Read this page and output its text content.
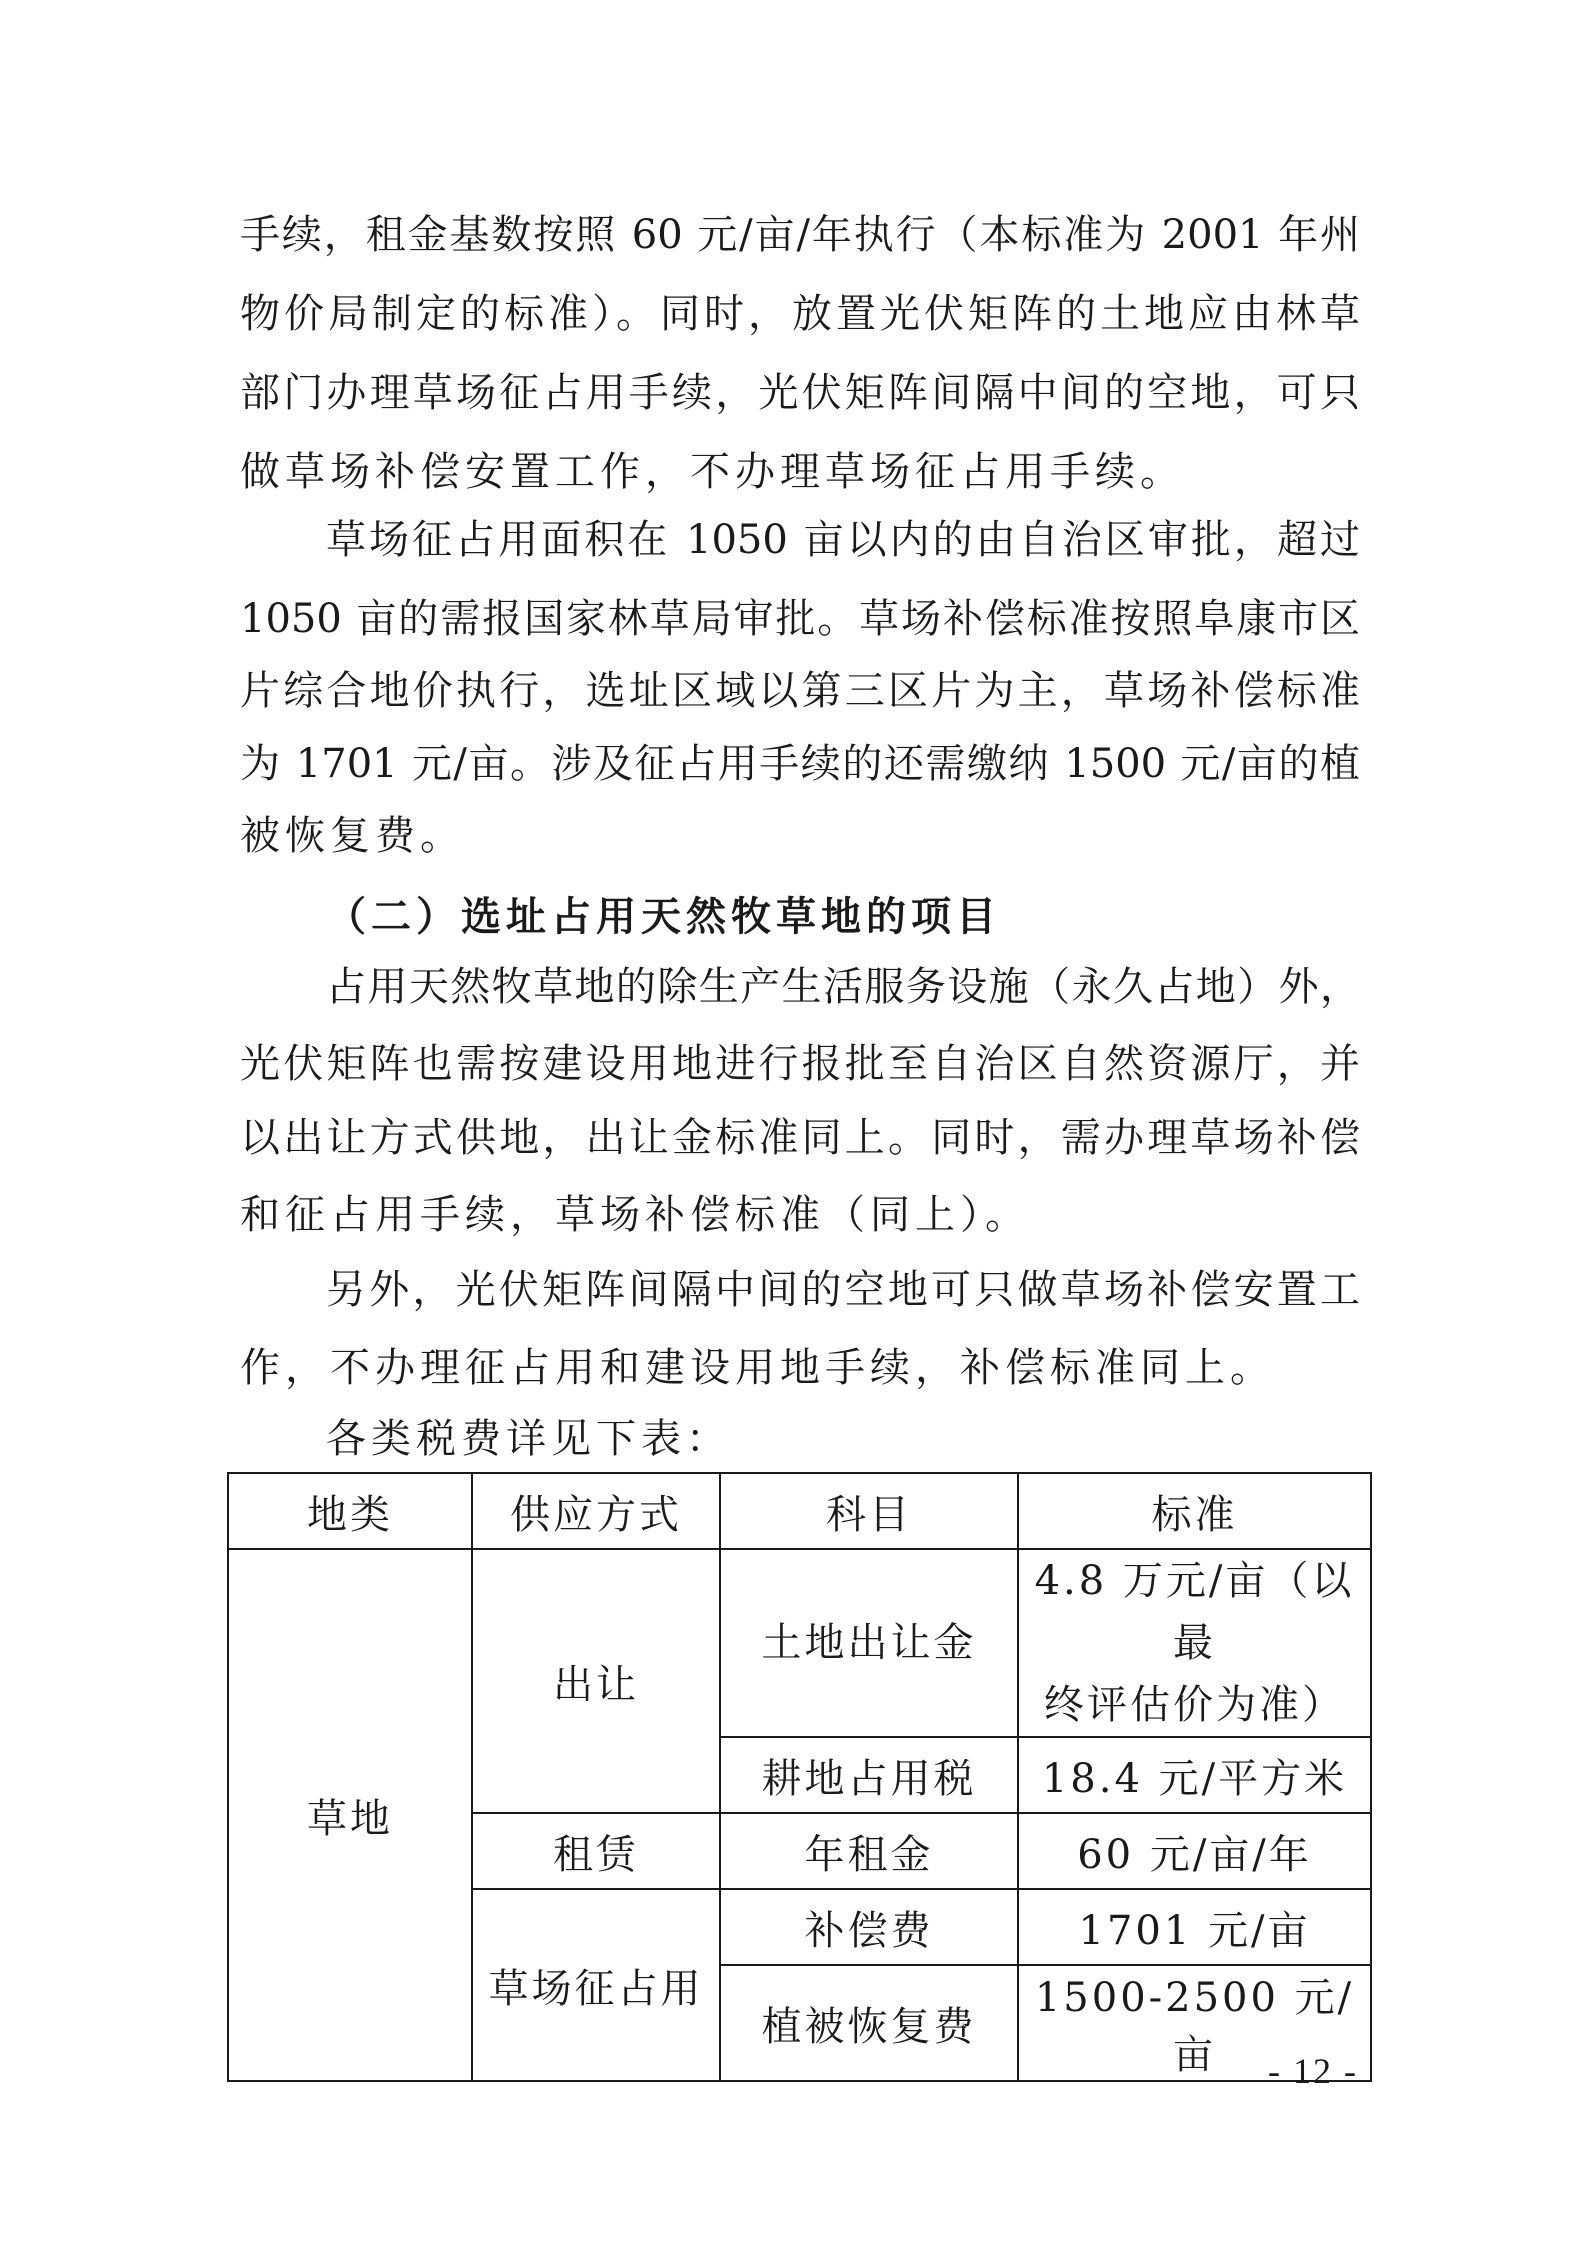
手续，租金基数按照 60 元/亩/年执行（本标准为 2001 年州
物价局制定的标准）。同时，放置光伏矩阵的土地应由林草
部门办理草场征占用手续，光伏矩阵间隔中间的空地，可只
做草场补偿安置工作，不办理草场征占用手续。
草场征占用面积在 1050 亩以内的由自治区审批，超过
1050 亩的需报国家林草局审批。草场补偿标准按照阜康市区
片综合地价执行，选址区域以第三区片为主，草场补偿标准
为 1701 元/亩。涉及征占用手续的还需缴纳 1500 元/亩的植
被恢复费。
（二）选址占用天然牧草地的项目
占用天然牧草地的除生产生活服务设施（永久占地）外，
光伏矩阵也需按建设用地进行报批至自治区自然资源厅，并
以出让方式供地，出让金标准同上。同时，需办理草场补偿
和征占用手续，草场补偿标准（同上）。
另外，光伏矩阵间隔中间的空地可只做草场补偿安置工
作，不办理征占用和建设用地手续，补偿标准同上。
各类税费详见下表：
地类	供应方式	科目	标准
草地	出让	土地出让金	4.8 万元/亩（以最
终评估价为准）

		耕地占用税	18.4 元/平方米
	租赁	年租金	60 元/亩/年
	草场征占用	补偿费	1701 元/亩
		植被恢复费	1500-2500 元/亩 - 12 -
